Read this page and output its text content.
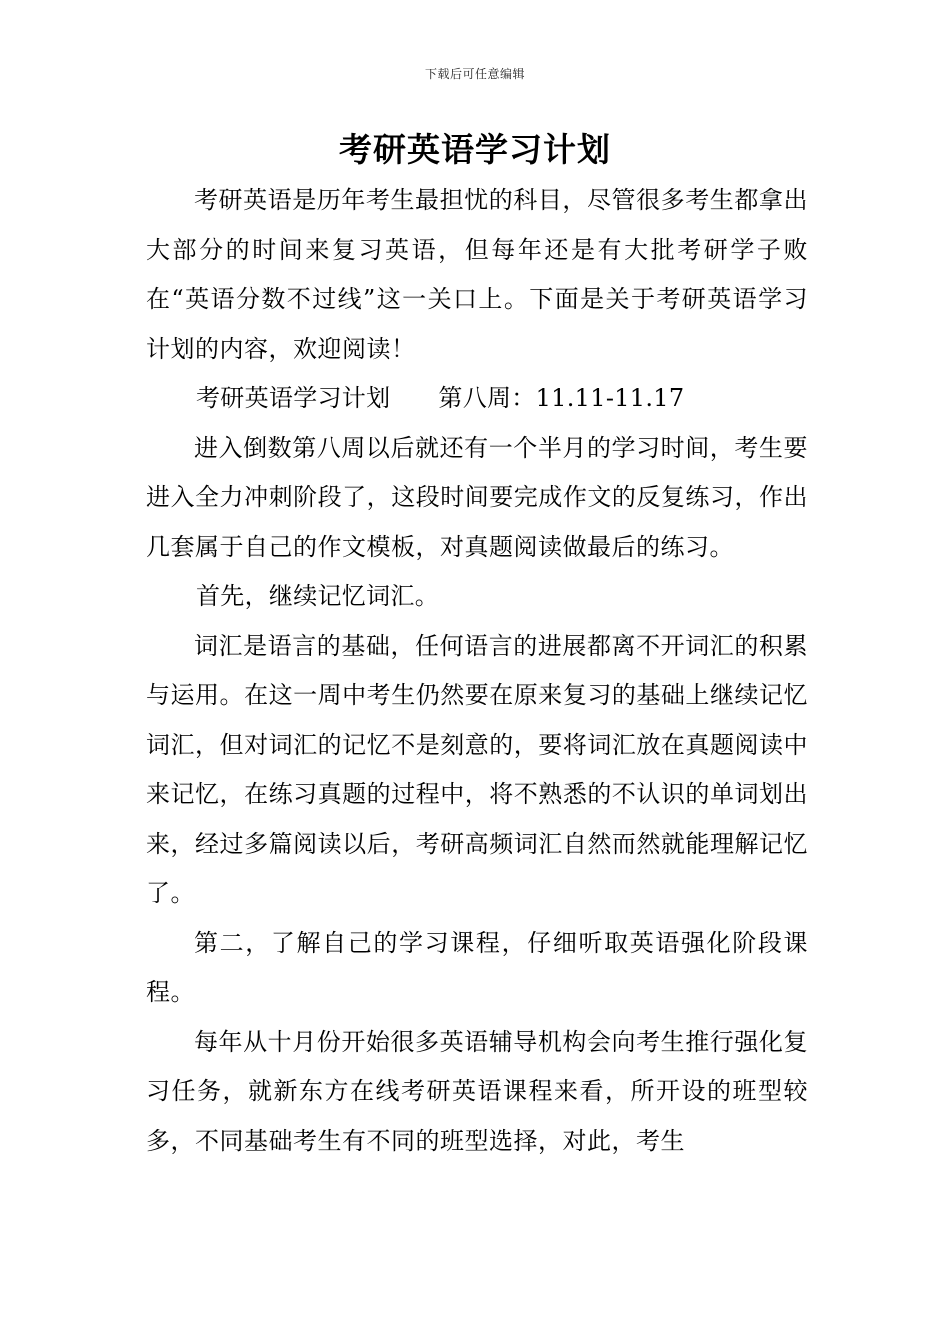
下载后可任意编辑
考研英语学习计划

考研英语是历年考生最担忧的科目，尽管很多考生都拿出大部分的时间来复习英语，但每年还是有大批考研学子败在“英语分数不过线”这一关口上。下面是关于考研英语学习计划的内容，欢迎阅读！

考研英语学习计划 第八周：11.11-11.17

进入倒数第八周以后就还有一个半月的学习时间，考生要进入全力冲刺阶段了，这段时间要完成作文的反复练习，作出几套属于自己的作文模板，对真题阅读做最后的练习。

首先，继续记忆词汇。

词汇是语言的基础，任何语言的进展都离不开词汇的积累与运用。在这一周中考生仍然要在原来复习的基础上继续记忆词汇，但对词汇的记忆不是刻意的，要将词汇放在真题阅读中来记忆，在练习真题的过程中，将不熟悉的不认识的单词划出来，经过多篇阅读以后，考研高频词汇自然而然就能理解记忆了。

第二，了解自己的学习课程，仔细听取英语强化阶段课程。

每年从十月份开始很多英语辅导机构会向考生推行强化复习任务，就新东方在线考研英语课程来看，所开设的班型较多，不同基础考生有不同的班型选择，对此，考生
